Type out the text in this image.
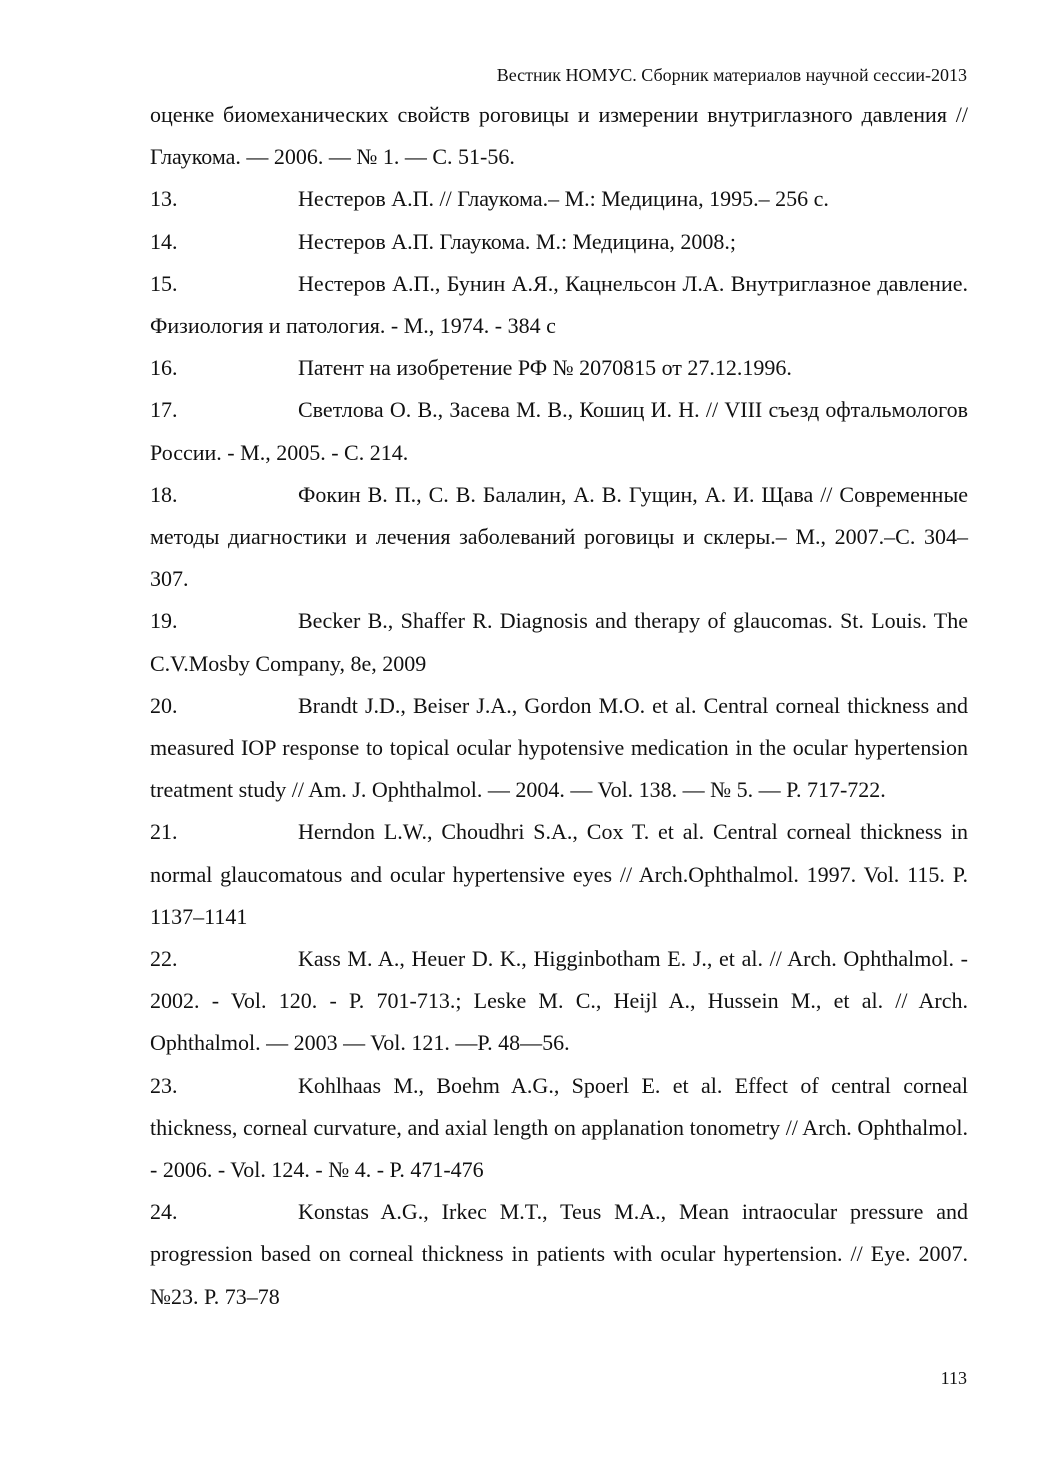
Вестник НОМУС. Сборник материалов научной сессии-2013

оценке биомеханических свойств роговицы и измерении внутриглазного давления // Глаукома. — 2006. — № 1. — С. 51-56.

13.	Нестеров А.П. // Глаукома.– М.: Медицина, 1995.– 256 с.

14.	Нестеров А.П. Глаукома. М.: Медицина, 2008.;

15.	Нестеров А.П., Бунин А.Я., Кацнельсон Л.А. Внутриглазное давление. Физиология и патология. - М., 1974. - 384 с

16.	Патент на изобретение РФ № 2070815 от 27.12.1996.

17.	Светлова О. В., Засева М. В., Кошиц И. Н. // VIII съезд офтальмологов России. - М., 2005. - С. 214.

18.	Фокин В. П., С. В. Балалин, А. В. Гущин, А. И. Щава // Современные методы диагностики и лечения заболеваний роговицы и склеры.– М., 2007.–С. 304–307.

19.	Becker B., Shaffer R. Diagnosis and therapy of glaucomas. St. Louis. The C.V.Mosby Company, 8e, 2009

20.	Brandt J.D., Beiser J.A., Gordon M.O. et al. Central corneal thickness and measured IOP response to topical ocular hypotensive medication in the ocular hypertension treatment study // Am. J. Ophthalmol. — 2004. — Vol. 138. — № 5. — P. 717-722.

21.	Herndon L.W., Choudhri S.A., Cox T. et al. Central corneal thickness in normal glaucomatous and ocular hypertensive eyes // Arch.Ophthalmol. 1997. Vol. 115. P. 1137–1141

22.	Kass M. A., Heuer D. K., Higginbotham E. J., et al. // Arch. Ophthalmol. - 2002. - Vol. 120. - P. 701-713.; Leske M. C., Heijl A., Hussein M., et al. // Arch. Ophthalmol. — 2003 — Vol. 121. —P. 48—56.

23.	Kohlhaas M., Boehm A.G., Spoerl E. et al. Effect of central corneal thickness, corneal curvature, and axial length on applanation tonometry // Arch. Ophthalmol. - 2006. - Vol. 124. - № 4. - P. 471-476

24.	Konstas A.G., Irkec M.T., Teus M.A., Mean intraocular pressure and progression based on corneal thickness in patients with ocular hypertension. // Eye. 2007. №23. P. 73–78

113
